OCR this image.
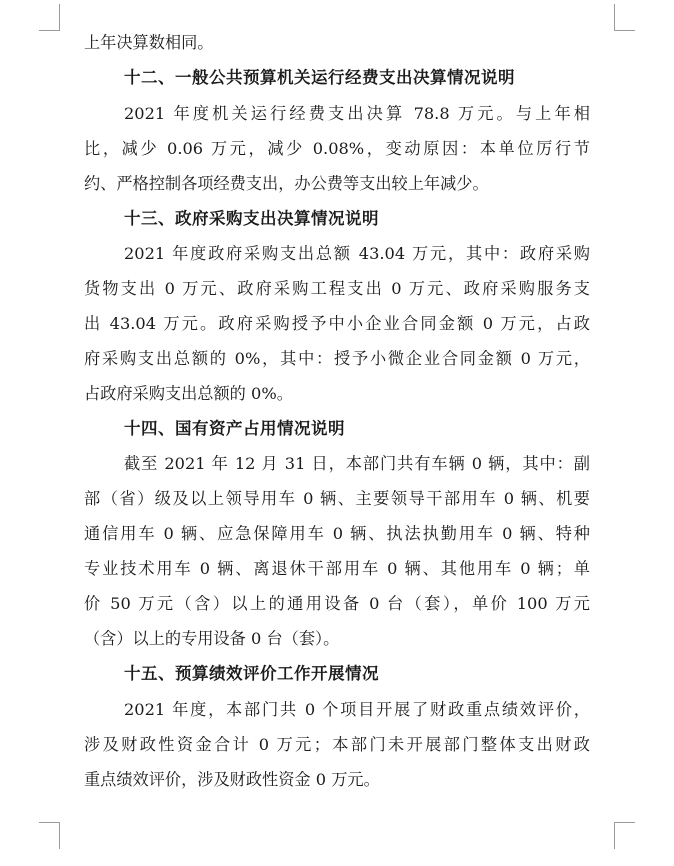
上年决算数相同。
十二、一般公共预算机关运行经费支出决算情况说明
2021 年度机关运行经费支出决算 78.8 万元。与上年相
比，减少 0.06 万元，减少 0.08%，变动原因：本单位厉行节
约、严格控制各项经费支出，办公费等支出较上年减少。
十三、政府采购支出决算情况说明
2021 年度政府采购支出总额 43.04 万元，其中：政府采购
货物支出 0 万元、政府采购工程支出 0 万元、政府采购服务支
出 43.04 万元。政府采购授予中小企业合同金额 0 万元，占政
府采购支出总额的 0%，其中：授予小微企业合同金额 0 万元，
占政府采购支出总额的 0%。
十四、国有资产占用情况说明
截至 2021 年 12 月 31 日，本部门共有车辆 0 辆，其中：副
部（省）级及以上领导用车 0 辆、主要领导干部用车 0 辆、机要
通信用车 0 辆、应急保障用车 0 辆、执法执勤用车 0 辆、特种
专业技术用车 0 辆、离退休干部用车 0 辆、其他用车 0 辆；单
价 50 万元（含）以上的通用设备 0 台（套），单价 100 万元
（含）以上的专用设备 0 台（套）。
十五、预算绩效评价工作开展情况
2021 年度，本部门共 0 个项目开展了财政重点绩效评价，
涉及财政性资金合计 0 万元；本部门未开展部门整体支出财政
重点绩效评价，涉及财政性资金 0 万元。
